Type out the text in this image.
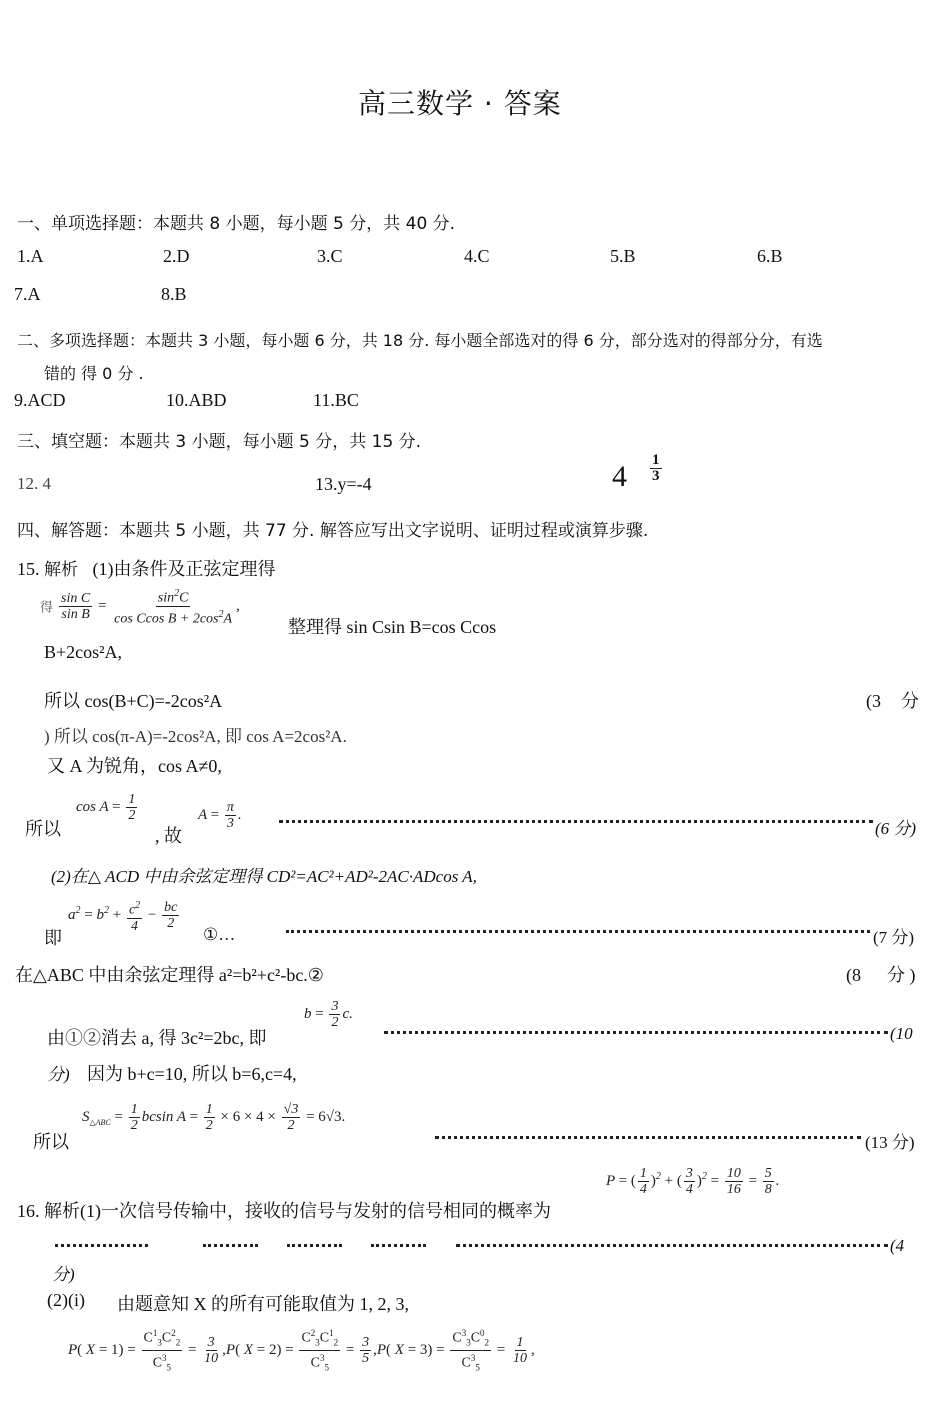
高三数学 · 答案
一、单项选择题：本题共 8 小题，每小题 5 分，共 40 分.
1.A	2.D	3.C	4.C	5.B	6.B
7.A	8.B
二、多项选择题：本题共 3 小题，每小题 6 分，共 18 分. 每小题全部选对的得 6 分，部分选对的得部分分，有选
错的 得 0 分 .
9.ACD	10.ABD	11.BC
三、填空题：本题共 3 小题，每小题 5 分，共 15 分.
12. 4	13.y=-4	$4 \frac{1}{3}$
四、解答题：本题共 5 小题，共 77 分. 解答应写出文字说明、证明过程或演算步骤.
15. 解析 (1)由条件及正弦定理得
得 $\frac{\text{sin C}}{\text{sin B}} = \frac{\sin^2C}{\cos Ccos B + 2\cos^2A}$ ,
整理得 sin Csin B=cos Ccos
B+2cos²A,
所以 cos(B+C)=-2cos²A	(3 分
) 所以 cos(π-A)=-2cos²A, 即 cos A=2cos²A.
又 A 为锐角，cos A≠0,
所以
$\cos A = \frac{1}{2}$
, 故
$A = \frac{\pi}{3}$ .
(6 分)
(2)在△ ACD 中由余弦定理得 CD²=AC²+AD²-2AC·ADcos A,
即
$a^2 = b^2 + \frac{c^2}{4} - \frac{bc}{2}$
①…	(7 分)
在△ABC 中由余弦定理得 a²=b²+c²-bc.②	(8 分 )
由①②消去 a, 得 3c²=2bc, 即
$b = \frac{3}{2} c$.
(10
分) 因为 b+c=10, 所以 b=6,c=4,
所以
$S_{\triangle ABC} = \frac{1}{2}$ bcsin $A = \frac{1}{2} \times 6 \times 4 \times \frac{√3}{2} = 6√3$.
(13 分)
16. 解析(1)一次信号传输中，接收的信号与发射的信号相同的概率为
P = ( $\frac{1}{4} )^2$ + ( $\frac{3}{4} )^2 = \frac{10}{16} = \frac{5}{8}$ .
(4
分)
(2)(i) 由题意知 X 的所有可能取值为 1, 2, 3,
P( $X = 1) = \frac{C^1_3C^2_2}{C^3_5} = \frac{3}{10} ,P$( $X = 2) = \frac{C^2_3C^1_2}{C^3_5} = \frac{3}{5} ,P$( $X = 3) = \frac{C^3_3C^0_2}{C^3_5} = \frac{1}{10}$ ,
